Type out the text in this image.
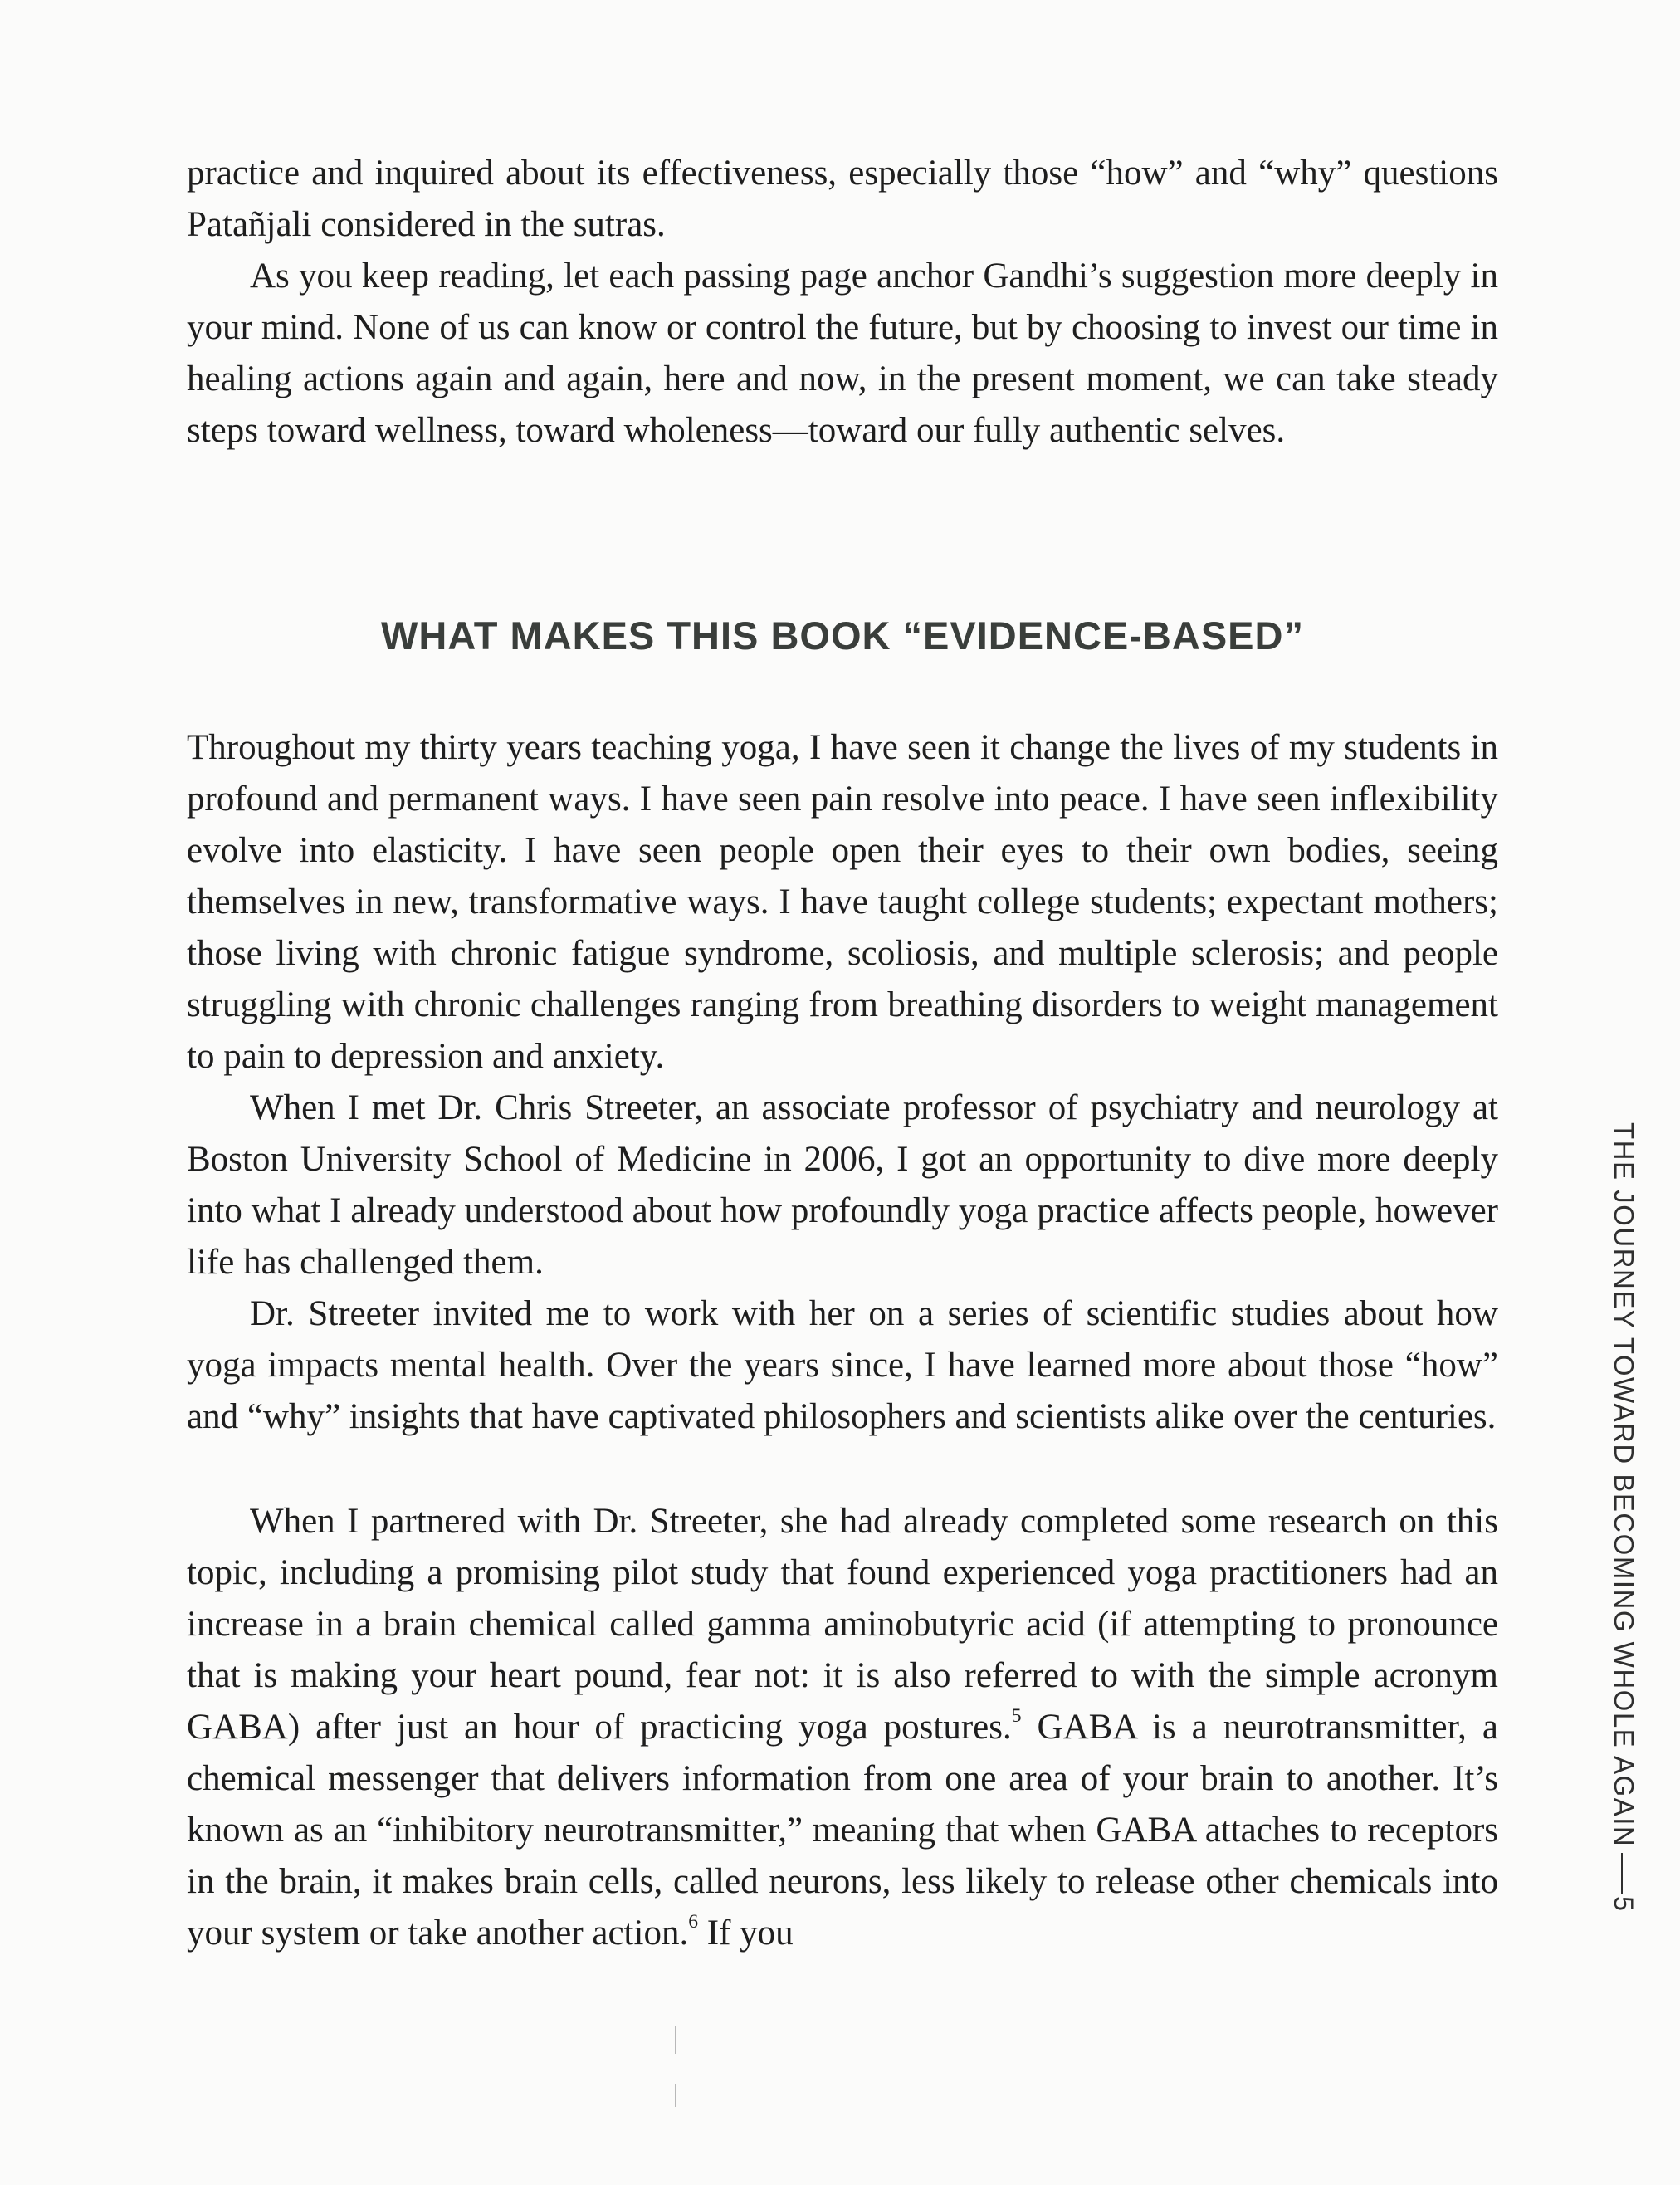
practice and inquired about its effectiveness, especially those “how” and “why” questions Patañjali considered in the sutras.

As you keep reading, let each passing page anchor Gandhi’s suggestion more deeply in your mind. None of us can know or control the future, but by choosing to invest our time in healing actions again and again, here and now, in the present moment, we can take steady steps toward wellness, toward wholeness—toward our fully authentic selves.

WHAT MAKES THIS BOOK “EVIDENCE-BASED”

Throughout my thirty years teaching yoga, I have seen it change the lives of my students in profound and permanent ways. I have seen pain resolve into peace. I have seen inflexibility evolve into elasticity. I have seen people open their eyes to their own bodies, seeing themselves in new, transformative ways. I have taught college students; expectant mothers; those living with chronic fatigue syndrome, scoliosis, and multiple sclerosis; and people struggling with chronic challenges ranging from breathing disorders to weight management to pain to depression and anxiety.

When I met Dr. Chris Streeter, an associate professor of psychiatry and neurology at Boston University School of Medicine in 2006, I got an opportunity to dive more deeply into what I already understood about how profoundly yoga practice affects people, however life has challenged them.

Dr. Streeter invited me to work with her on a series of scientific studies about how yoga impacts mental health. Over the years since, I have learned more about those “how” and “why” insights that have captivated philosophers and scientists alike over the centuries.

When I partnered with Dr. Streeter, she had already completed some research on this topic, including a promising pilot study that found experienced yoga practitioners had an increase in a brain chemical called gamma aminobutyric acid (if attempting to pronounce that is making your heart pound, fear not: it is also referred to with the simple acronym GABA) after just an hour of practicing yoga postures.$^5$ GABA is a neurotransmitter, a chemical messenger that delivers information from one area of your brain to another. It’s known as an “inhibitory neurotransmitter,” meaning that when GABA attaches to receptors in the brain, it makes brain cells, called neurons, less likely to release other chemicals into your system or take another action.$^6$ If you

THE JOURNEY TOWARD BECOMING WHOLE AGAIN
5
